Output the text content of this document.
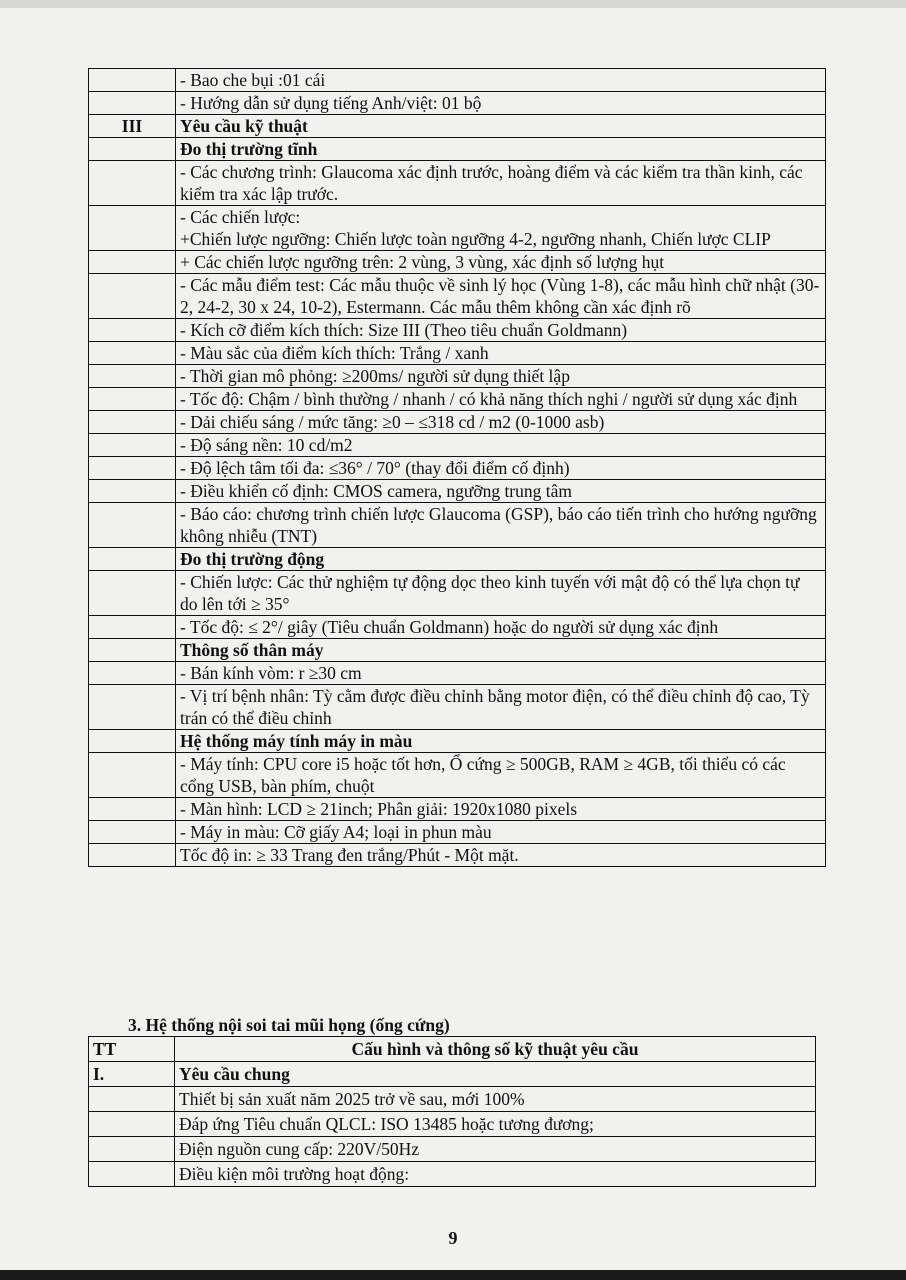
	- Bao che bụi :01 cái
	- Hướng dẫn sử dụng tiếng Anh/việt: 01 bộ
III	Yêu cầu kỹ thuật
	Đo thị trường tĩnh
	- Các chương trình: Glaucoma xác định trước, hoàng điểm và các kiểm tra thần kinh, các kiểm tra xác lập trước.
	- Các chiến lược:
+Chiến lược ngưỡng: Chiến lược toàn ngưỡng 4-2, ngưỡng nhanh, Chiến lược CLIP
	+ Các chiến lược ngưỡng trên: 2 vùng, 3 vùng, xác định số lượng hụt
	- Các mẫu điểm test: Các mẫu thuộc về sinh lý học (Vùng 1-8), các mẫu hình chữ nhật (30-2, 24-2, 30 x 24, 10-2), Estermann. Các mẫu thêm không cần xác định rõ
	- Kích cỡ điểm kích thích: Size III (Theo tiêu chuẩn Goldmann)
	- Màu sắc của điểm kích thích: Trắng / xanh
	- Thời gian mô phỏng: ≥200ms/ người sử dụng thiết lập
	- Tốc độ: Chậm / bình thường / nhanh / có khả năng thích nghi / người sử dụng xác định
	- Dải chiếu sáng / mức tăng: ≥0 – ≤318 cd / m2 (0-1000 asb)
	- Độ sáng nền: 10 cd/m2
	- Độ lệch tâm tối đa: ≤36° / 70° (thay đổi điểm cố định)
	- Điều khiển cố định: CMOS camera, ngưỡng trung tâm
	- Báo cáo: chương trình chiến lược Glaucoma (GSP), báo cáo tiến trình cho hướng ngưỡng không nhiễu (TNT)
	Đo thị trường động
	- Chiến lược: Các thử nghiệm tự động dọc theo kinh tuyến với mật độ có thể lựa chọn tự do lên tới ≥ 35°
	- Tốc độ: ≤ 2°/ giây (Tiêu chuẩn Goldmann) hoặc do người sử dụng xác định
	Thông số thân máy
	- Bán kính vòm: r ≥30 cm
	- Vị trí bệnh nhân: Tỳ cằm được điều chỉnh bằng motor điện, có thể điều chỉnh độ cao, Tỳ trán có thể điều chỉnh
	Hệ thống máy tính máy in màu
	- Máy tính: CPU core i5 hoặc tốt hơn, Ổ cứng ≥ 500GB, RAM ≥ 4GB, tối thiểu có các cổng USB, bàn phím, chuột
	- Màn hình: LCD ≥ 21inch; Phân giải: 1920x1080 pixels
	- Máy in màu: Cỡ giấy A4; loại in phun màu
	Tốc độ in: ≥ 33 Trang đen trắng/Phút - Một mặt.
3. Hệ thống nội soi tai mũi họng (ống cứng)
TT	Cấu hình và thông số kỹ thuật yêu cầu
I.	Yêu cầu chung
	Thiết bị sản xuất năm 2025 trở về sau, mới 100%
	Đáp ứng Tiêu chuẩn QLCL: ISO 13485 hoặc tương đương;
	Điện nguồn cung cấp: 220V/50Hz
	Điều kiện môi trường hoạt động:
9
